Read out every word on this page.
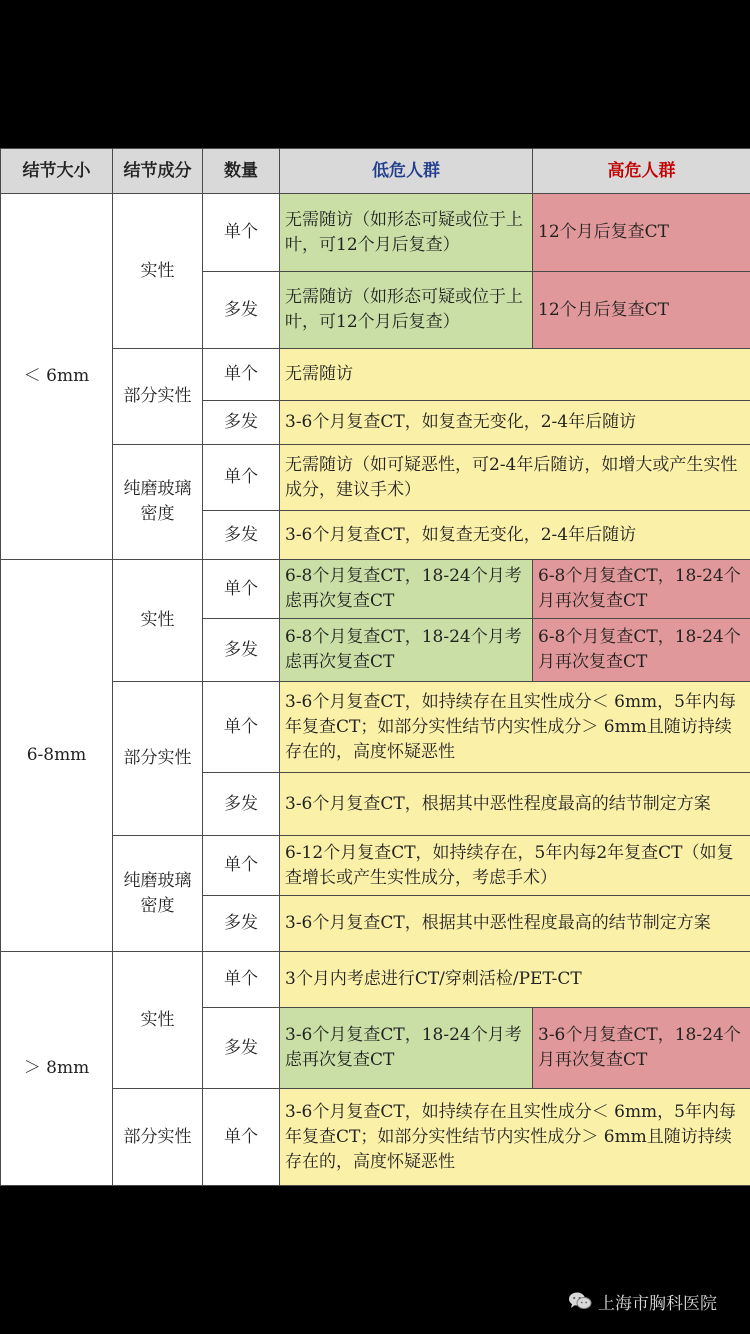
结节大小	结节成分	数量	低危人群	高危人群
＜ 6mm	实性	单个	无需随访（如形态可疑或位于上叶，可12个月后复查）	12个月后复查CT
		多发	无需随访（如形态可疑或位于上叶，可12个月后复查）	12个月后复查CT
	部分实性	单个	无需随访	
		多发	3-6个月复查CT，如复查无变化，2-4年后随访	
	纯磨玻璃密度	单个	无需随访（如可疑恶性，可2-4年后随访，如增大或产生实性成分，建议手术）	
		多发	3-6个月复查CT，如复查无变化，2-4年后随访	
6-8mm	实性	单个	6-8个月复查CT，18-24个月考虑再次复查CT	6-8个月复查CT，18-24个月再次复查CT
		多发	6-8个月复查CT，18-24个月考虑再次复查CT	6-8个月复查CT，18-24个月再次复查CT
	部分实性	单个	3-6个月复查CT，如持续存在且实性成分＜ 6mm，5年内每年复查CT；如部分实性结节内实性成分＞ 6mm且随访持续存在的，高度怀疑恶性	
		多发	3-6个月复查CT，根据其中恶性程度最高的结节制定方案	
	纯磨玻璃密度	单个	6-12个月复查CT，如持续存在，5年内每2年复查CT（如复查增长或产生实性成分，考虑手术）	
		多发	3-6个月复查CT，根据其中恶性程度最高的结节制定方案	
＞ 8mm	实性	单个	3个月内考虑进行CT/穿刺活检/PET-CT	
		多发	3-6个月复查CT，18-24个月考虑再次复查CT	3-6个月复查CT，18-24个月再次复查CT
	部分实性	单个	3-6个月复查CT，如持续存在且实性成分＜ 6mm，5年内每年复查CT；如部分实性结节内实性成分＞ 6mm且随访持续存在的，高度怀疑恶性	
上海市胸科医院
